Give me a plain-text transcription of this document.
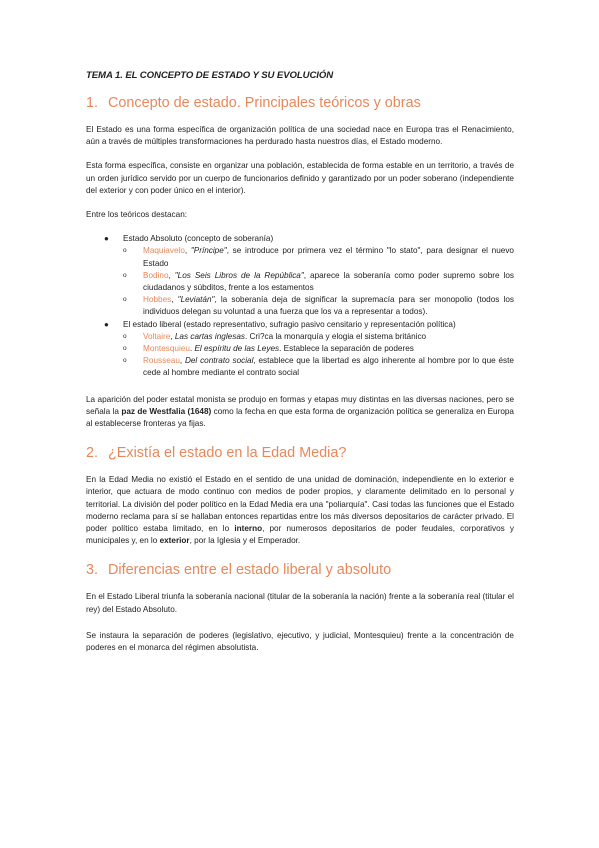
TEMA 1. EL CONCEPTO DE ESTADO Y SU EVOLUCIÓN
1. Concepto de estado. Principales teóricos y obras

El Estado es una forma específica de organización política de una sociedad nace en Europa tras el Renacimiento, aún a través de múltiples transformaciones ha perdurado hasta nuestros días, el Estado moderno.

Esta forma específica, consiste en organizar una población, establecida de forma estable en un territorio, a través de un orden jurídico servido por un cuerpo de funcionarios definido y garantizado por un poder soberano (independiente del exterior y con poder único en el interior).

Entre los teóricos destacan:

● Estado Absoluto (concepto de soberanía)
o Maquiavelo, "Príncipe", se introduce por primera vez el término "lo stato", para designar el nuevo Estado
o Bodino, "Los Seis Libros de la República", aparece la soberanía como poder supremo sobre los ciudadanos y súbditos, frente a los estamentos
o Hobbes, "Leviatán", la soberanía deja de significar la supremacía para ser monopolio (todos los individuos delegan su voluntad a una fuerza que los va a representar a todos).
● El estado liberal (estado representativo, sufragio pasivo censitario y representación política)
o Voltaire, Las cartas inglesas. Cri?ca la monarquía y elogia el sistema británico
o Montesquieu. El espíritu de las Leyes. Establece la separación de poderes
o Rousseau, Del contrato social, establece que la libertad es algo inherente al hombre por lo que éste cede al hombre mediante el contrato social

La aparición del poder estatal monista se produjo en formas y etapas muy distintas en las diversas naciones, pero se señala la paz de Westfalia (1648) como la fecha en que esta forma de organización política se generaliza en Europa al establecerse fronteras ya fijas.

2. ¿Existía el estado en la Edad Media?

En la Edad Media no existió el Estado en el sentido de una unidad de dominación, independiente en lo exterior e interior, que actuara de modo continuo con medios de poder propios, y claramente delimitado en lo personal y territorial. La división del poder político en la Edad Media era una "poliarquía". Casi todas las funciones que el Estado moderno reclama para sí se hallaban entonces repartidas entre los más diversos depositarios de carácter privado. El poder político estaba limitado, en lo interno, por numerosos depositarios de poder feudales, corporativos y municipales y, en lo exterior, por la Iglesia y el Emperador.

3. Diferencias entre el estado liberal y absoluto

En el Estado Liberal triunfa la soberanía nacional (titular de la soberanía la nación) frente a la soberanía real (titular el rey) del Estado Absoluto.

Se instaura la separación de poderes (legislativo, ejecutivo, y judicial, Montesquieu) frente a la concentración de poderes en el monarca del régimen absolutista.
